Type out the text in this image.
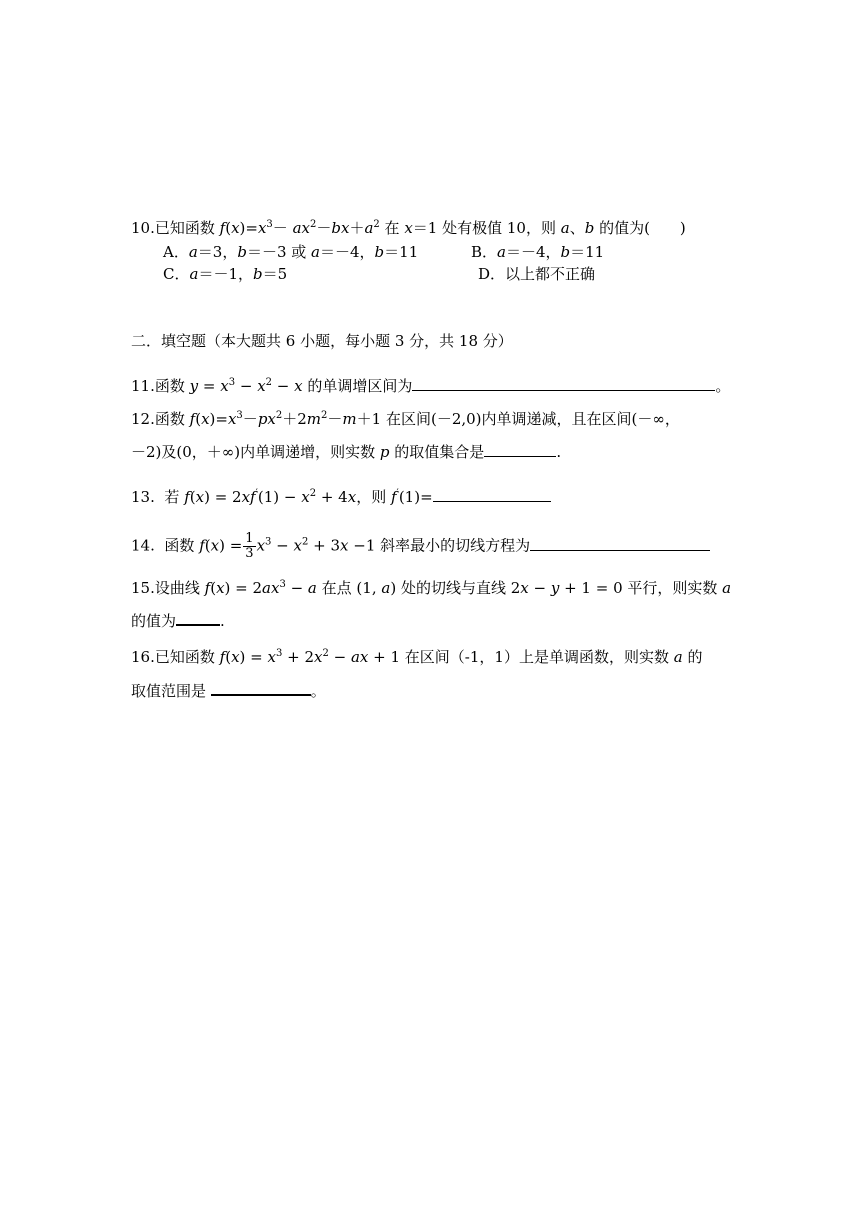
10.已知函数 $f(x)=x^3- ax^2-bx+a^2$ 在 x＝1 处有极值 10，则 a、b 的值为(　　)
A．a＝3，b＝－3 或 a＝－4，b＝11	B．a＝－4，b＝11
C．a＝－1，b＝5	D．以上都不正确
二．填空题（本大题共 6 小题，每小题 3 分，共 18 分）
11.函数 $y = x^3 - x^2 - x$ 的单调增区间为	。
12.函数 $f(x)=x^3-px^2+2m^2-m+1$ 在区间(－2,0)内单调递减，且在区间(－∞，
－2)及(0，＋∞)内单调递增，则实数 p 的取值集合是	.
13. 若 $f(x) = 2xf'(1) - x^2 + 4x$，则 f′(1)=
14. 函数 $f(x) = \frac{1}{3} x^3 - x^2 + 3x -1$ 斜率最小的切线方程为
15.设曲线 $f(x) = 2ax^3 - a$ 在点 (1, a) 处的切线与直线 2x − y + 1 = 0 平行，则实数 a
的值为	.
16.已知函数 $f(x) = x^3 + 2x^2$ − ax + 1 在区间（-1，1）上是单调函数，则实数 a 的
取值范围是	。
